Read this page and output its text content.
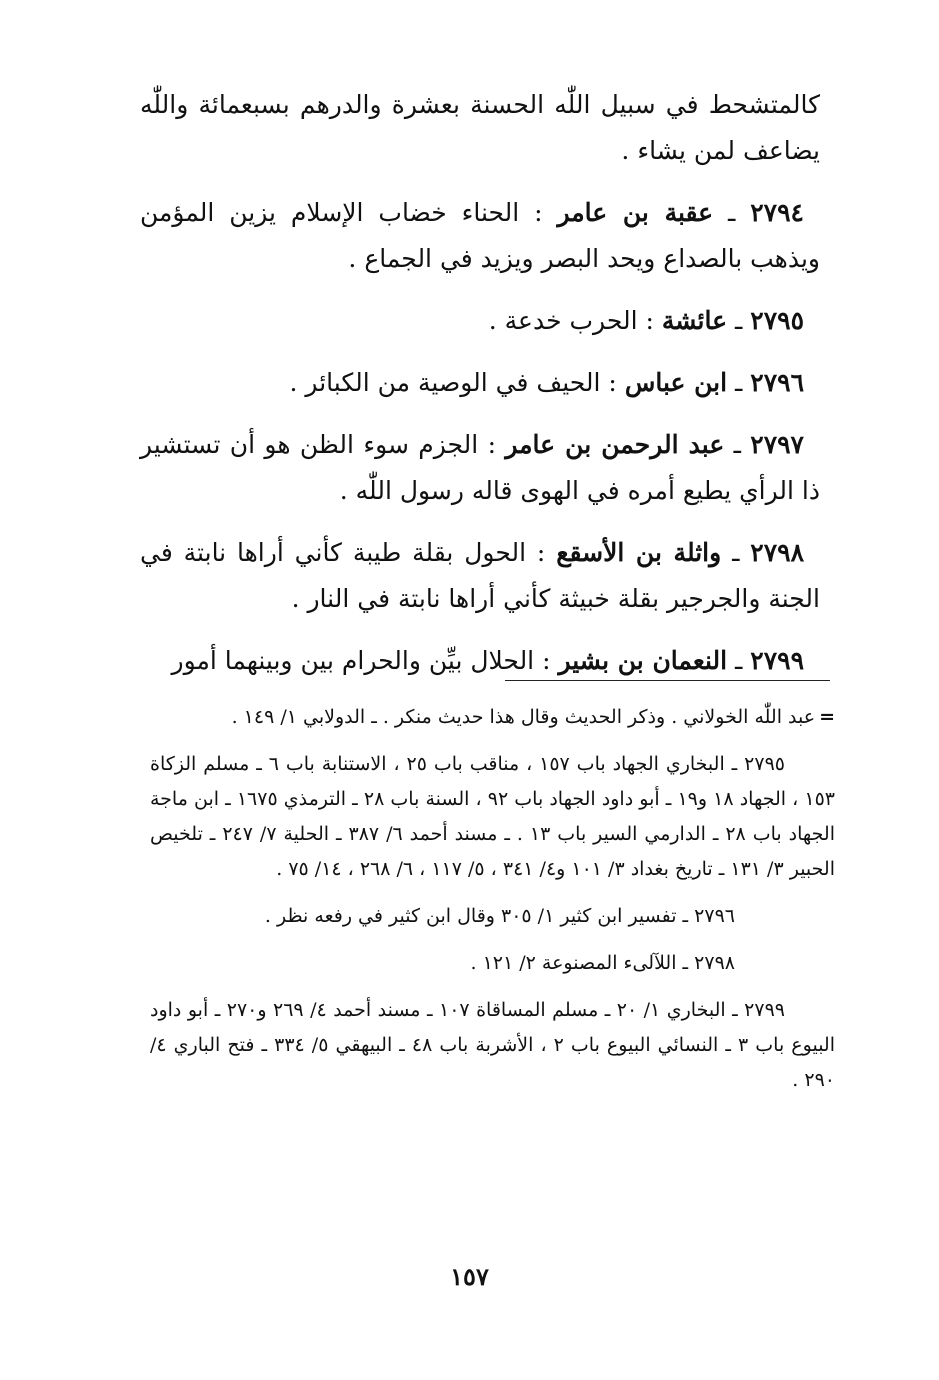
كالمتشحط في سبيل اللّٰه الحسنة بعشرة والدرهم بسبعمائة واللّٰه يضاعف لمن يشاء .

٢٧٩٤ ـ عقبة بن عامر : الحناء خضاب الإسلام يزين المؤمن ويذهب بالصداع ويحد البصر ويزيد في الجماع .

٢٧٩٥ ـ عائشة : الحرب خدعة .

٢٧٩٦ ـ ابن عباس : الحيف في الوصية من الكبائر .

٢٧٩٧ ـ عبد الرحمن بن عامر : الجزم سوء الظن هو أن تستشير ذا الرأي يطيع أمره في الهوى قاله رسول اللّٰه .

٢٧٩٨ ـ واثلة بن الأسقع : الحول بقلة طيبة كأني أراها نابتة في الجنة والجرجير بقلة خبيثة كأني أراها نابتة في النار .

٢٧٩٩ ـ النعمان بن بشير : الحلال بيِّن والحرام بين وبينهما أمور

=عبد اللّٰه الخولاني . وذكر الحديث وقال هذا حديث منكر . ـ الدولابي ١/ ١٤٩ .

٢٧٩٥ ـ البخاري الجهاد باب ١٥٧ ، مناقب باب ٢٥ ، الاستنابة باب ٦ ـ مسلم الزكاة ١٥٣ ، الجهاد ١٨ و١٩ ـ أبو داود الجهاد باب ٩٢ ، السنة باب ٢٨ ـ الترمذي ١٦٧٥ ـ ابن ماجة الجهاد باب ٢٨ ـ الدارمي السير باب ١٣ . ـ مسند أحمد ٦/ ٣٨٧ ـ الحلية ٧/ ٢٤٧ ـ تلخيص الحبير ٣/ ١٣١ ـ تاريخ بغداد ٣/ ١٠١ و٤/ ٣٤١ ، ٥/ ١١٧ ، ٦/ ٢٦٨ ، ١٤/ ٧٥ .

٢٧٩٦ ـ تفسير ابن كثير ١/ ٣٠٥ وقال ابن كثير في رفعه نظر .

٢٧٩٨ ـ اللآلىء المصنوعة ٢/ ١٢١ .

٢٧٩٩ ـ البخاري ١/ ٢٠ ـ مسلم المساقاة ١٠٧ ـ مسند أحمد ٤/ ٢٦٩ و٢٧٠ ـ أبو داود البيوع باب ٣ ـ النسائي البيوع باب ٢ ، الأشربة باب ٤٨ ـ البيهقي ٥/ ٣٣٤ ـ فتح الباري ٤/ ٢٩٠ .

١٥٧
